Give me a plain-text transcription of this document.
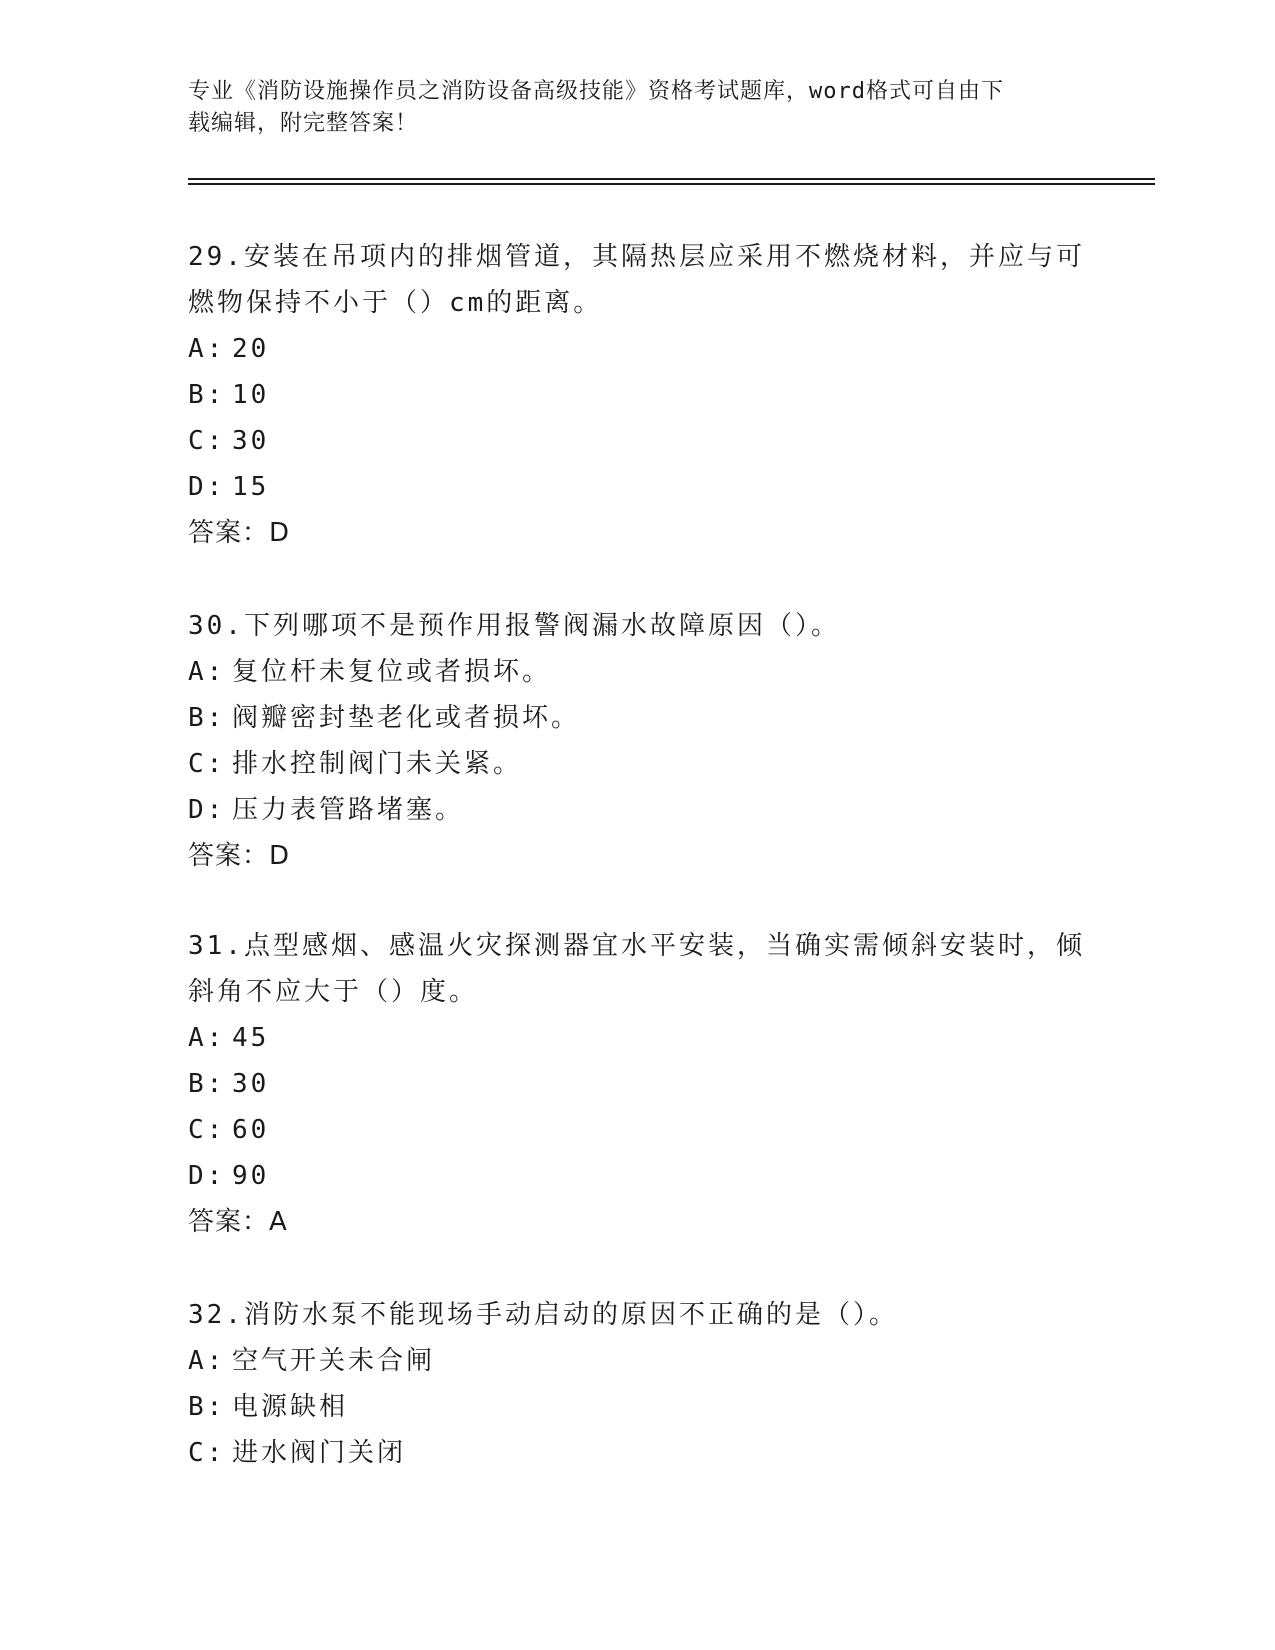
专业《消防设施操作员之消防设备高级技能》资格考试题库，word格式可自由下
载编辑，附完整答案！
29.安装在吊项内的排烟管道，其隔热层应采用不燃烧材料，并应与可
燃物保持不小于（）cm的距离。
A: 20
B: 10
C: 30
D: 15
答案：D
30.下列哪项不是预作用报警阀漏水故障原因（）。
A: 复位杆未复位或者损坏。
B: 阀瓣密封垫老化或者损坏。
C: 排水控制阀门未关紧。
D: 压力表管路堵塞。
答案：D
31.点型感烟、感温火灾探测器宜水平安装，当确实需倾斜安装时，倾
斜角不应大于（）度。
A: 45
B: 30
C: 60
D: 90
答案：A
32.消防水泵不能现场手动启动的原因不正确的是（）。
A: 空气开关未合闸
B: 电源缺相
C: 进水阀门关闭
